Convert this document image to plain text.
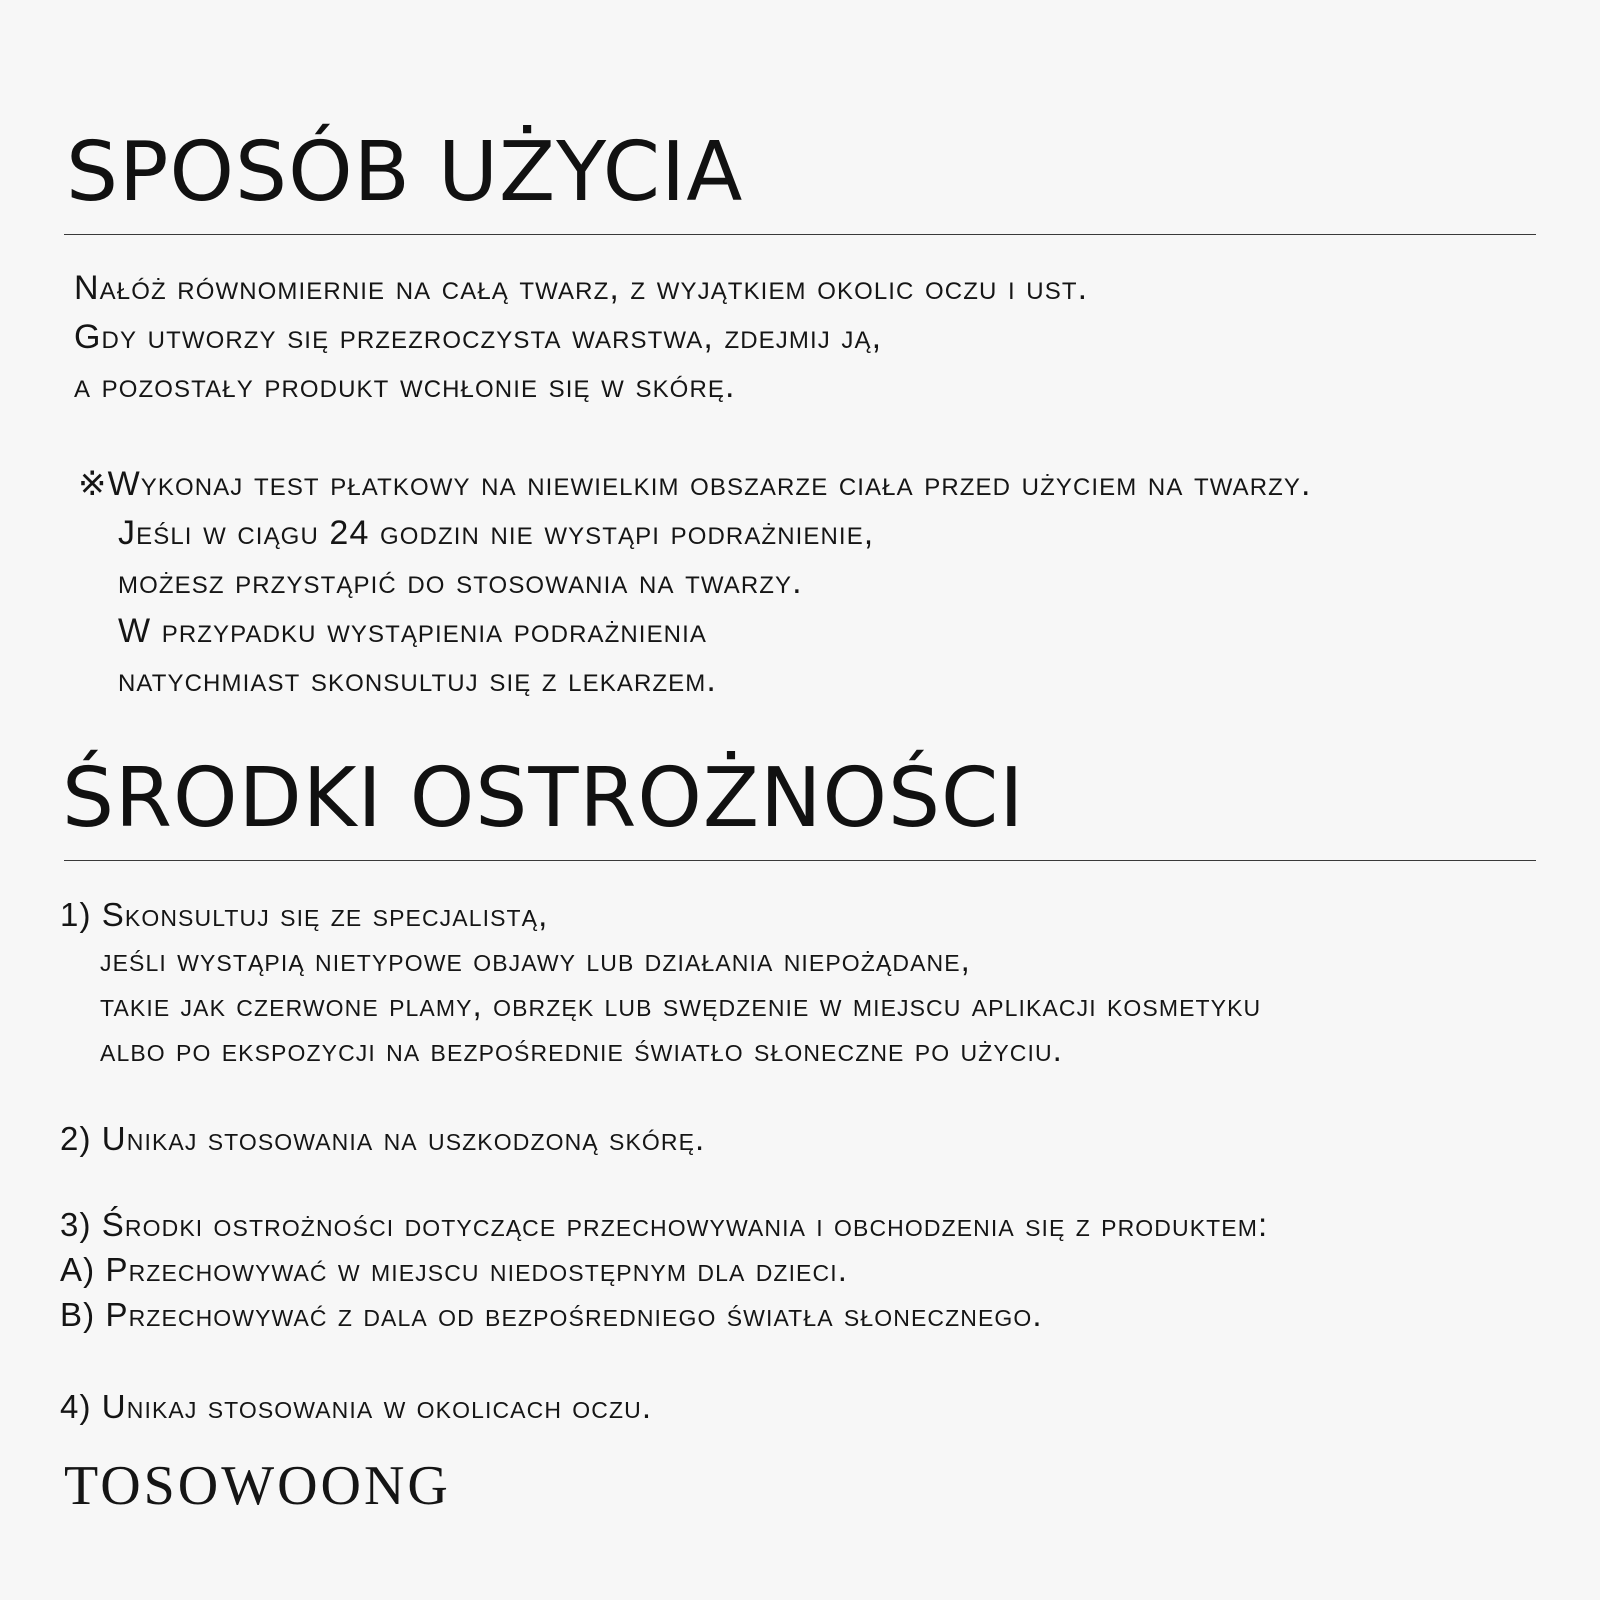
SPOSÓB UŻYCIA
Nałóż równomiernie na całą twarz, z wyjątkiem okolic oczu i ust.
Gdy utworzy się przezroczysta warstwa, zdejmij ją,
a pozostały produkt wchłonie się w skórę.
※Wykonaj test płatkowy na niewielkim obszarze ciała przed użyciem na twarzy.
Jeśli w ciągu 24 godzin nie wystąpi podrażnienie,
możesz przystąpić do stosowania na twarzy.
W przypadku wystąpienia podrażnienia
natychmiast skonsultuj się z lekarzem.
ŚRODKI OSTROŻNOŚCI
1) Skonsultuj się ze specjalistą,
jeśli wystąpią nietypowe objawy lub działania niepożądane,
takie jak czerwone plamy, obrzęk lub swędzenie w miejscu aplikacji kosmetyku
albo po ekspozycji na bezpośrednie światło słoneczne po użyciu.
2) Unikaj stosowania na uszkodzoną skórę.
3) Środki ostrożności dotyczące przechowywania i obchodzenia się z produktem:
A) Przechowywać w miejscu niedostępnym dla dzieci.
B) Przechowywać z dala od bezpośredniego światła słonecznego.
4) Unikaj stosowania w okolicach oczu.
TOSOWOONG
